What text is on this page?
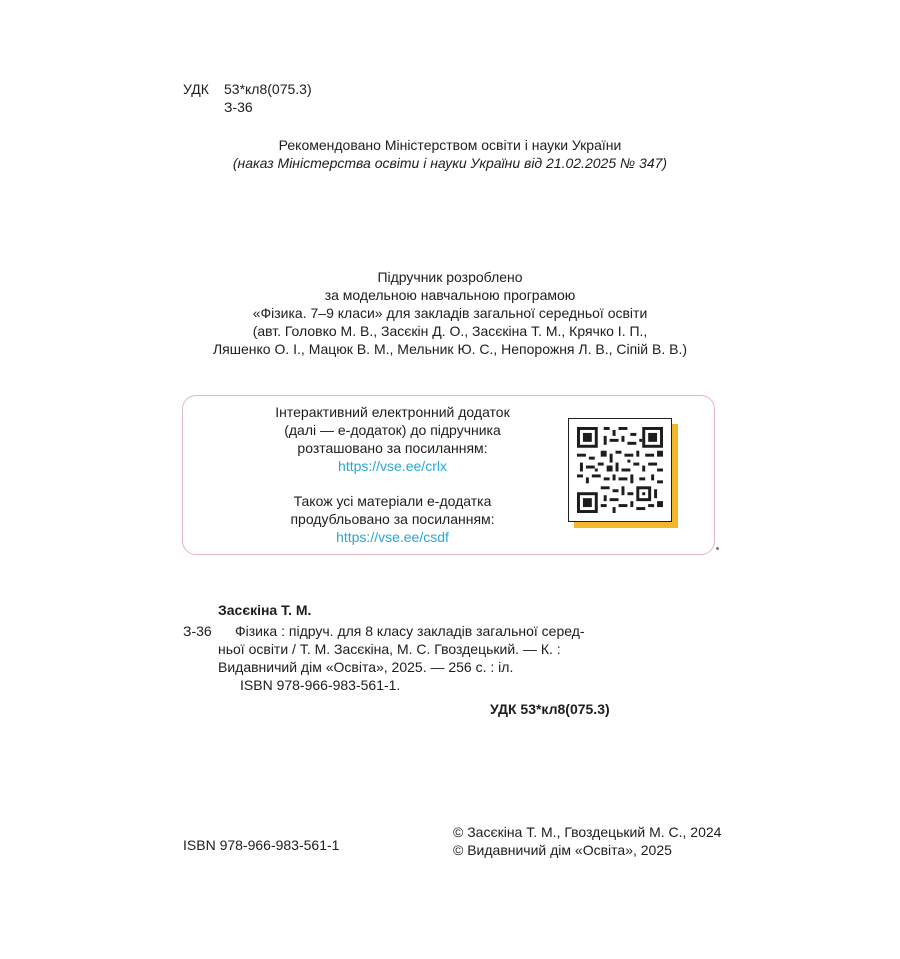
УДК 53*кл8(075.3)
З-36
Рекомендовано Міністерством освіти і науки України
(наказ Міністерства освіти і науки України від 21.02.2025 № 347)
Підручник розроблено
за модельною навчальною програмою
«Фізика. 7–9 класи» для закладів загальної середньої освіти
(авт. Головко М. В., Засєкін Д. О., Засєкіна Т. М., Крячко І. П.,
Ляшенко О. І., Мацюк В. М., Мельник Ю. С., Непорожня Л. В., Сіпій В. В.)
Інтерактивний електронний додаток
(далі — е-додаток) до підручника
розташовано за посиланням:
https://vse.ee/crlx
Також усі матеріали е-додатка
продубльовано за посиланням:
https://vse.ee/csdf
Засєкіна Т. М.
З-36	Фізика : підруч. для 8 класу закладів загальної серед-
ньої освіти / Т. М. Засєкіна, М. С. Гвоздецький. — К. :
Видавничий дім «Освіта», 2025. — 256 с. : іл.
ISBN 978-966-983-561-1.
УДК 53*кл8(075.3)
ISBN 978-966-983-561-1
© Засєкіна Т. М., Гвоздецький М. С., 2024
© Видавничий дім «Освіта», 2025
